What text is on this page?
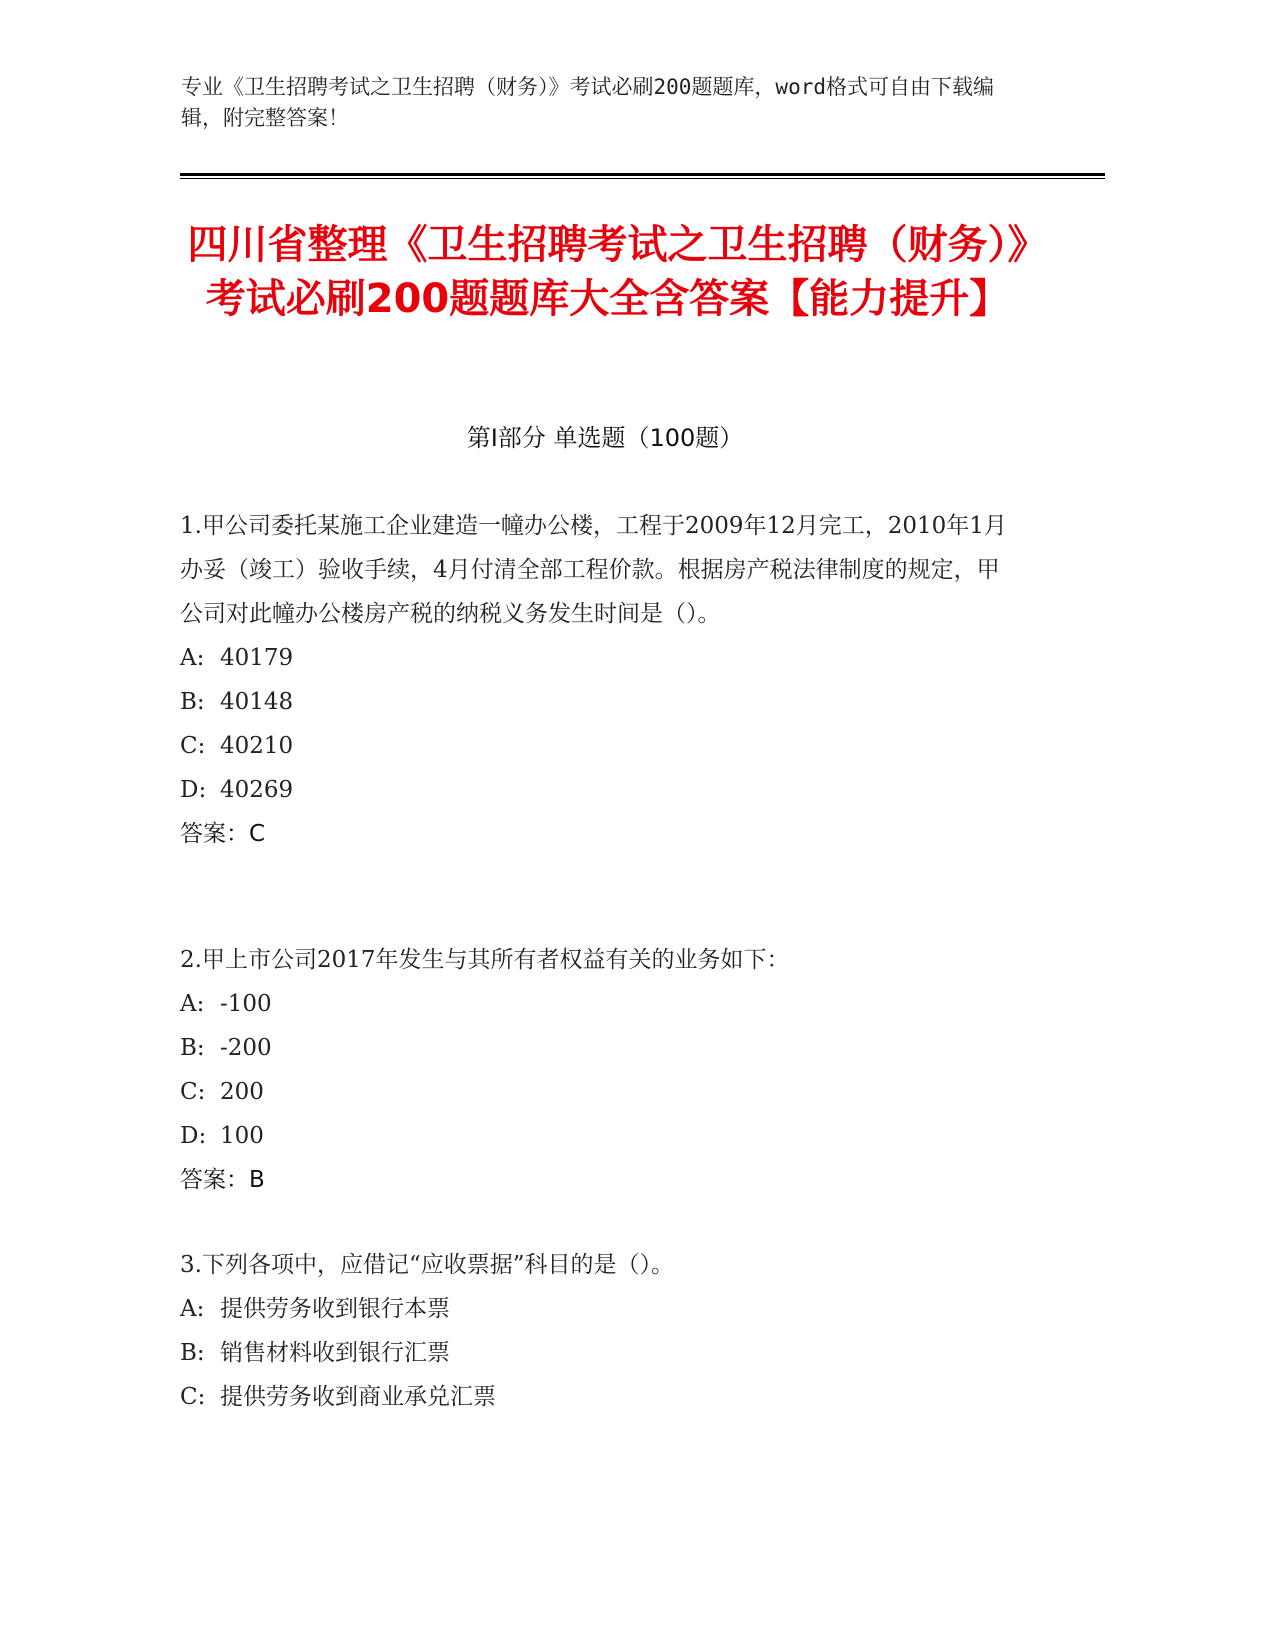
专业《卫生招聘考试之卫生招聘（财务）》考试必刷200题题库，word格式可自由下载编辑，附完整答案！
四川省整理《卫生招聘考试之卫生招聘（财务）》考试必刷200题题库大全含答案【能力提升】
第I部分 单选题（100题）

1.甲公司委托某施工企业建造一幢办公楼，工程于2009年12月完工，2010年1月办妥（竣工）验收手续，4月付清全部工程价款。根据房产税法律制度的规定，甲公司对此幢办公楼房产税的纳税义务发生时间是（）。

A: 40179

B: 40148

C: 40210

D: 40269

答案：C

2.甲上市公司2017年发生与其所有者权益有关的业务如下：

A: -100

B: -200

C: 200

D: 100

答案：B

3.下列各项中，应借记“应收票据”科目的是（）。

A: 提供劳务收到银行本票

B: 销售材料收到银行汇票

C: 提供劳务收到商业承兑汇票
